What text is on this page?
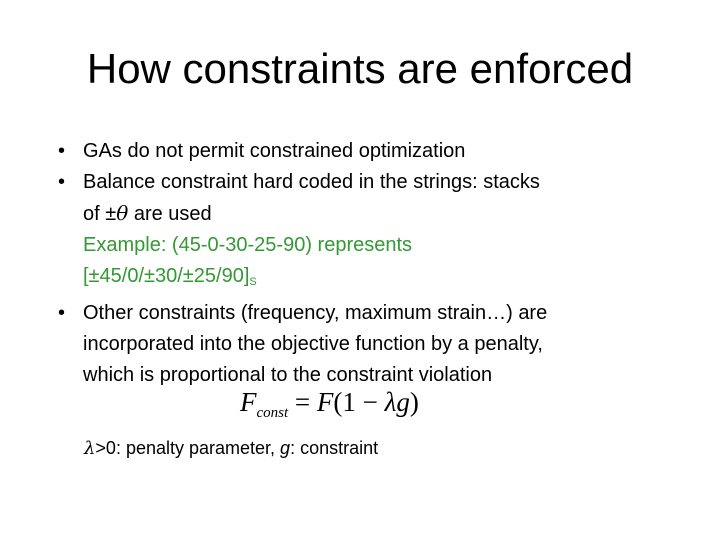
How constraints are enforced
• GAs do not permit constrained optimization
• Balance constraint hard coded in the strings: stacks
of ±θ are used
Example: (45-0-30-25-90) represents
$[\pm 45/0/\pm 30/\pm 25/90]_S$
• Other constraints (frequency, maximum strain…) are
incorporated into the objective function by a penalty,
which is proportional to the constraint violation
$F_{const} = F(1 - \lambda g)$
λ>0: penalty parameter, g: constraint
